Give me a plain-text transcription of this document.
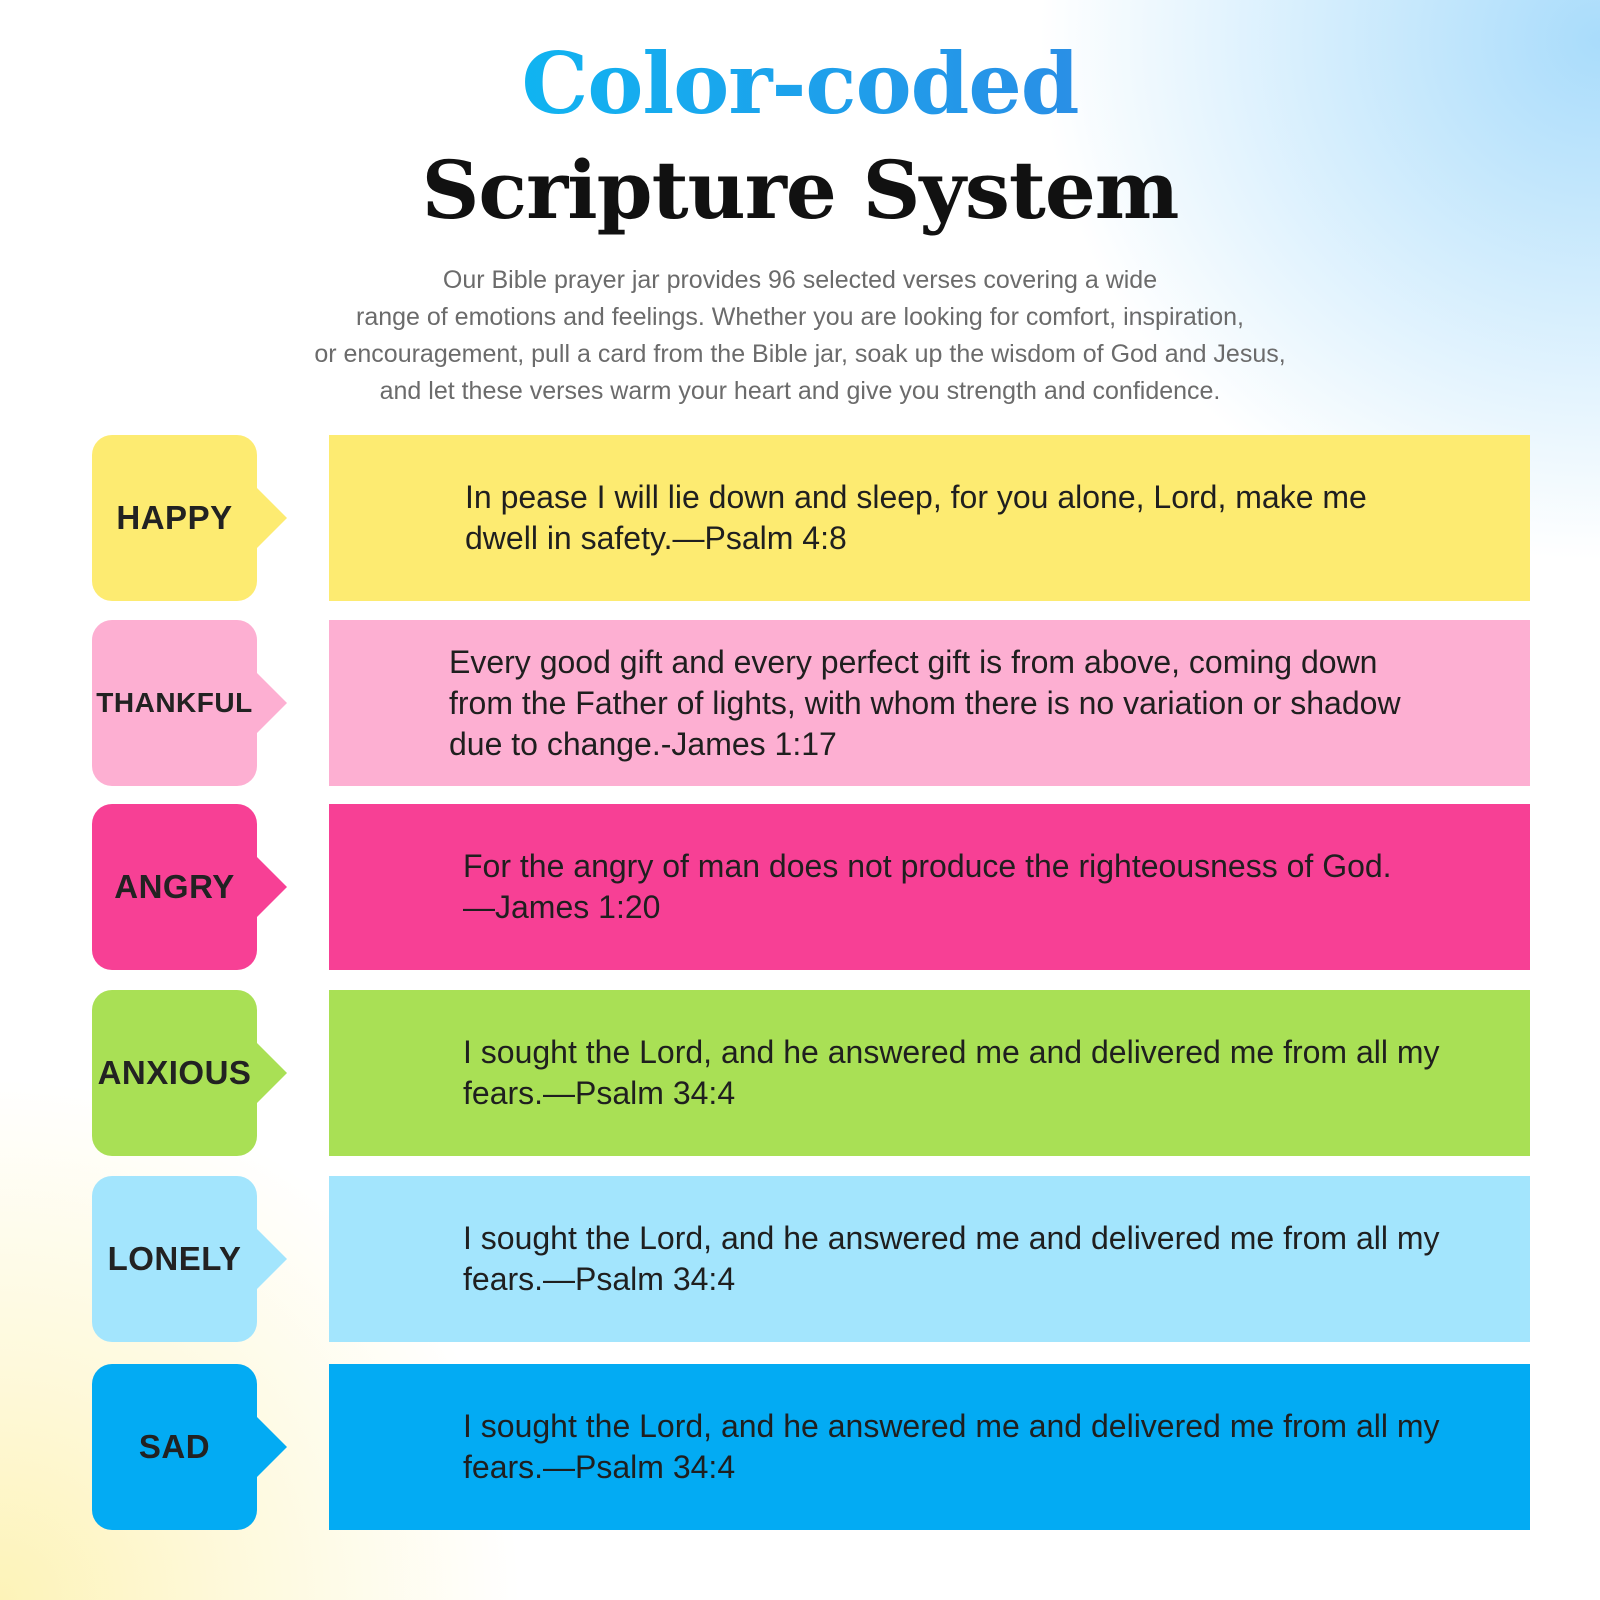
Color-coded
Scripture System
Our Bible prayer jar provides 96 selected verses covering a wide
range of emotions and feelings. Whether you are looking for comfort, inspiration,
or encouragement, pull a card from the Bible jar, soak up the wisdom of God and Jesus,
and let these verses warm your heart and give you strength and confidence.
HAPPY
In pease I will lie down and sleep, for you alone, Lord, make me dwell in safety.—Psalm 4:8
THANKFUL
Every good gift and every perfect gift is from above, coming down from the Father of lights, with whom there is no variation or shadow due to change.-James 1:17
ANGRY
For the angry of man does not produce the righteousness of God. —James 1:20
ANXIOUS
I sought the Lord, and he answered me and delivered me from all my fears.—Psalm 34:4
LONELY
I sought the Lord, and he answered me and delivered me from all my fears.—Psalm 34:4
SAD
I sought the Lord, and he answered me and delivered me from all my fears.—Psalm 34:4
